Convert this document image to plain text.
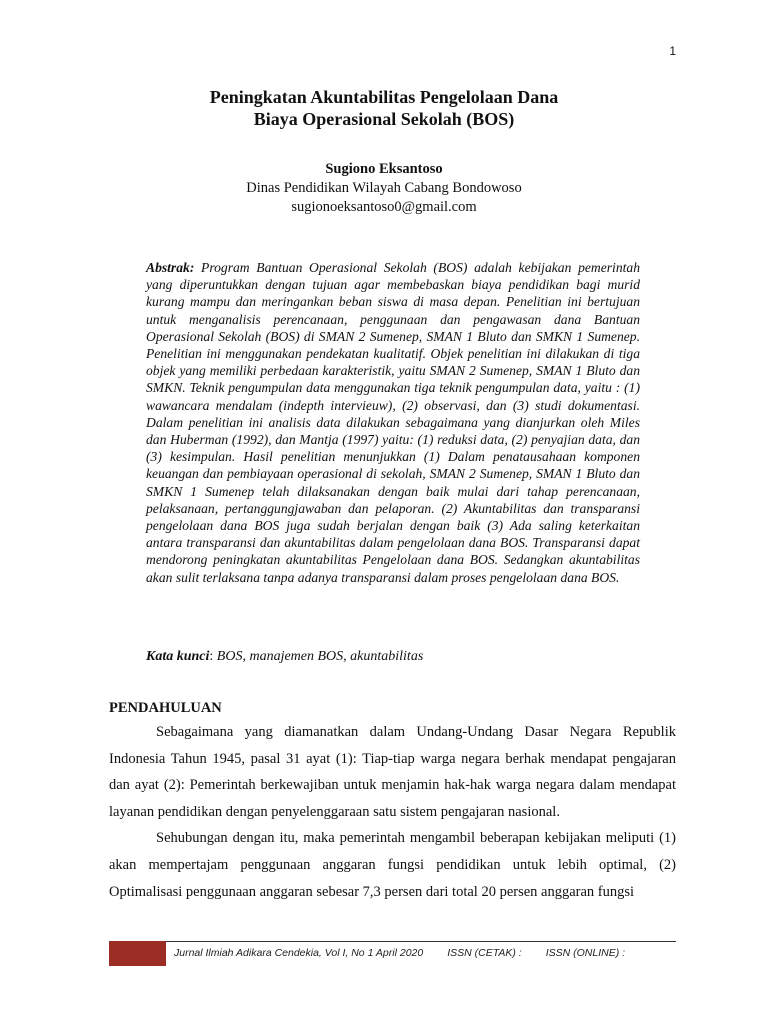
1
Peningkatan Akuntabilitas Pengelolaan Dana
Biaya Operasional Sekolah (BOS)
Sugiono Eksantoso
Dinas Pendidikan Wilayah Cabang Bondowoso
sugionoeksantoso0@gmail.com

Abstrak: Program Bantuan Operasional Sekolah (BOS) adalah kebijakan pemerintah yang diperuntukkan dengan tujuan agar membebaskan biaya pendidikan bagi murid kurang mampu dan meringankan beban siswa di masa depan. Penelitian ini bertujuan untuk menganalisis perencanaan, penggunaan dan pengawasan dana Bantuan Operasional Sekolah (BOS) di SMAN 2 Sumenep, SMAN 1 Bluto dan SMKN 1 Sumenep. Penelitian ini menggunakan pendekatan kualitatif. Objek penelitian ini dilakukan di tiga objek yang memiliki perbedaan karakteristik, yaitu SMAN 2 Sumenep, SMAN 1 Bluto dan SMKN. Teknik pengumpulan data menggunakan tiga teknik pengumpulan data, yaitu : (1) wawancara mendalam (indepth intervieuw), (2) observasi, dan (3) studi dokumentasi. Dalam penelitian ini analisis data dilakukan sebagaimana yang dianjurkan oleh Miles dan Huberman (1992), dan Mantja (1997) yaitu: (1) reduksi data, (2) penyajian data, dan (3) kesimpulan. Hasil penelitian menunjukkan (1) Dalam penatausahaan komponen keuangan dan pembiayaan operasional di sekolah, SMAN 2 Sumenep, SMAN 1 Bluto dan SMKN 1 Sumenep telah dilaksanakan dengan baik mulai dari tahap perencanaan, pelaksanaan, pertanggungjawaban dan pelaporan. (2) Akuntabilitas dan transparansi pengelolaan dana BOS juga sudah berjalan dengan baik (3) Ada saling keterkaitan antara transparansi dan akuntabilitas dalam pengelolaan dana BOS. Transparansi dapat mendorong peningkatan akuntabilitas Pengelolaan dana BOS. Sedangkan akuntabilitas akan sulit terlaksana tanpa adanya transparansi dalam proses pengelolaan dana BOS.

Kata kunci: BOS, manajemen BOS, akuntabilitas

PENDAHULUAN

Sebagaimana yang diamanatkan dalam Undang-Undang Dasar Negara Republik Indonesia Tahun 1945, pasal 31 ayat (1): Tiap-tiap warga negara berhak mendapat pengajaran dan ayat (2): Pemerintah berkewajiban untuk menjamin hak-hak warga negara dalam mendapat layanan pendidikan dengan penyelenggaraan satu sistem pengajaran nasional.

Sehubungan dengan itu, maka pemerintah mengambil beberapan kebijakan meliputi (1) akan mempertajam penggunaan anggaran fungsi pendidikan untuk lebih optimal, (2) Optimalisasi penggunaan anggaran sebesar 7,3 persen dari total 20 persen anggaran fungsi

Jurnal Ilmiah Adikara Cendekia, Vol I, No 1 April 2020 ISSN (CETAK) : ISSN (ONLINE) :
